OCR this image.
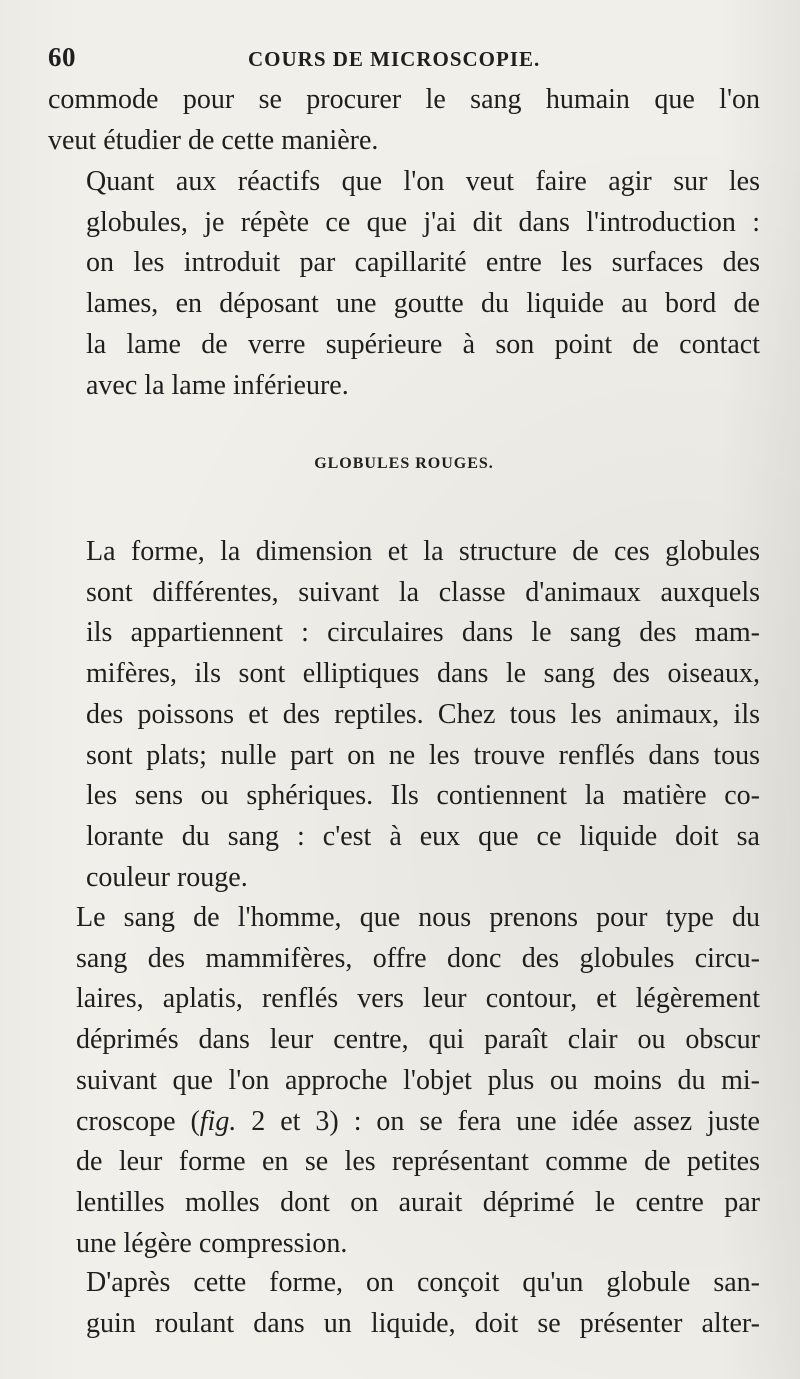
60	COURS DE MICROSCOPIE.
commode pour se procurer le sang humain que l'on
veut étudier de cette manière.
Quant aux réactifs que l'on veut faire agir sur les
globules, je répète ce que j'ai dit dans l'introduction :
on les introduit par capillarité entre les surfaces des
lames, en déposant une goutte du liquide au bord de
la lame de verre supérieure à son point de contact
avec la lame inférieure.
GLOBULES ROUGES.
La forme, la dimension et la structure de ces globules
sont différentes, suivant la classe d'animaux auxquels
ils appartiennent : circulaires dans le sang des mam-
mifères, ils sont elliptiques dans le sang des oiseaux,
des poissons et des reptiles. Chez tous les animaux, ils
sont plats; nulle part on ne les trouve renflés dans tous
les sens ou sphériques. Ils contiennent la matière co-
lorante du sang : c'est à eux que ce liquide doit sa
couleur rouge.
Le sang de l'homme, que nous prenons pour type du
sang des mammifères, offre donc des globules circu-
laires, aplatis, renflés vers leur contour, et légèrement
déprimés dans leur centre, qui paraît clair ou obscur
suivant que l'on approche l'objet plus ou moins du mi-
croscope (fig. 2 et 3) : on se fera une idée assez juste
de leur forme en se les représentant comme de petites
lentilles molles dont on aurait déprimé le centre par
une légère compression.
D'après cette forme, on conçoit qu'un globule san-
guin roulant dans un liquide, doit se présenter alter-
